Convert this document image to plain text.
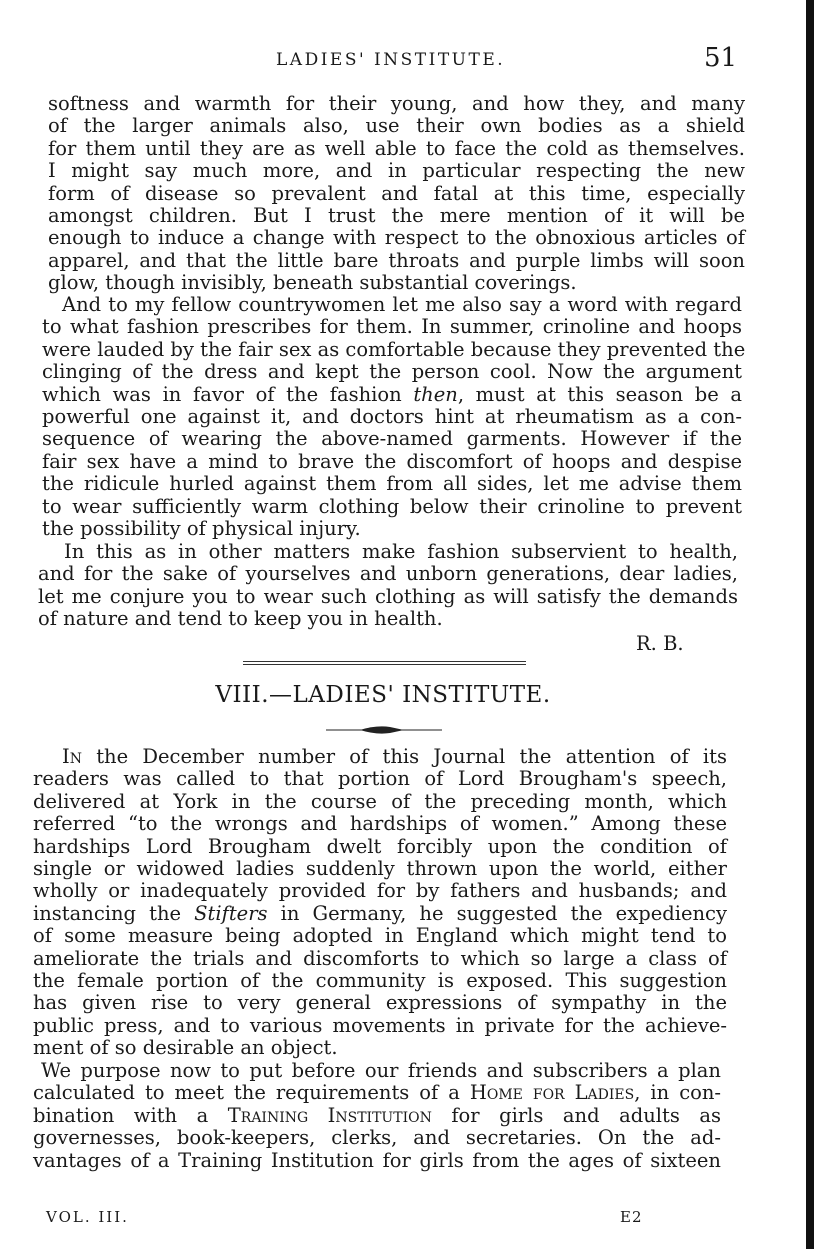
LADIES' INSTITUTE.	51
softness and warmth for their young, and how they, and many
of the larger animals also, use their own bodies as a shield
for them until they are as well able to face the cold as themselves.
I might say much more, and in particular respecting the new
form of disease so prevalent and fatal at this time, especially
amongst children. But I trust the mere mention of it will be
enough to induce a change with respect to the obnoxious articles of
apparel, and that the little bare throats and purple limbs will soon
glow, though invisibly, beneath substantial coverings.
And to my fellow countrywomen let me also say a word with regard
to what fashion prescribes for them. In summer, crinoline and hoops
were lauded by the fair sex as comfortable because they prevented the
clinging of the dress and kept the person cool. Now the argument
which was in favor of the fashion then, must at this season be a
powerful one against it, and doctors hint at rheumatism as a con-
sequence of wearing the above-named garments. However if the
fair sex have a mind to brave the discomfort of hoops and despise
the ridicule hurled against them from all sides, let me advise them
to wear sufficiently warm clothing below their crinoline to prevent
the possibility of physical injury.
In this as in other matters make fashion subservient to health,
and for the sake of yourselves and unborn generations, dear ladies,
let me conjure you to wear such clothing as will satisfy the demands
of nature and tend to keep you in health.
R. B.
VIII.—LADIES' INSTITUTE.
In the December number of this Journal the attention of its
readers was called to that portion of Lord Brougham's speech,
delivered at York in the course of the preceding month, which
referred “to the wrongs and hardships of women.” Among these
hardships Lord Brougham dwelt forcibly upon the condition of
single or widowed ladies suddenly thrown upon the world, either
wholly or inadequately provided for by fathers and husbands; and
instancing the Stifters in Germany, he suggested the expediency
of some measure being adopted in England which might tend to
ameliorate the trials and discomforts to which so large a class of
the female portion of the community is exposed. This suggestion
has given rise to very general expressions of sympathy in the
public press, and to various movements in private for the achieve-
ment of so desirable an object.
We purpose now to put before our friends and subscribers a plan
calculated to meet the requirements of a Home for Ladies, in con-
bination with a Training Institution for girls and adults as
governesses, book-keepers, clerks, and secretaries. On the ad-
vantages of a Training Institution for girls from the ages of sixteen
VOL. III.	E2
